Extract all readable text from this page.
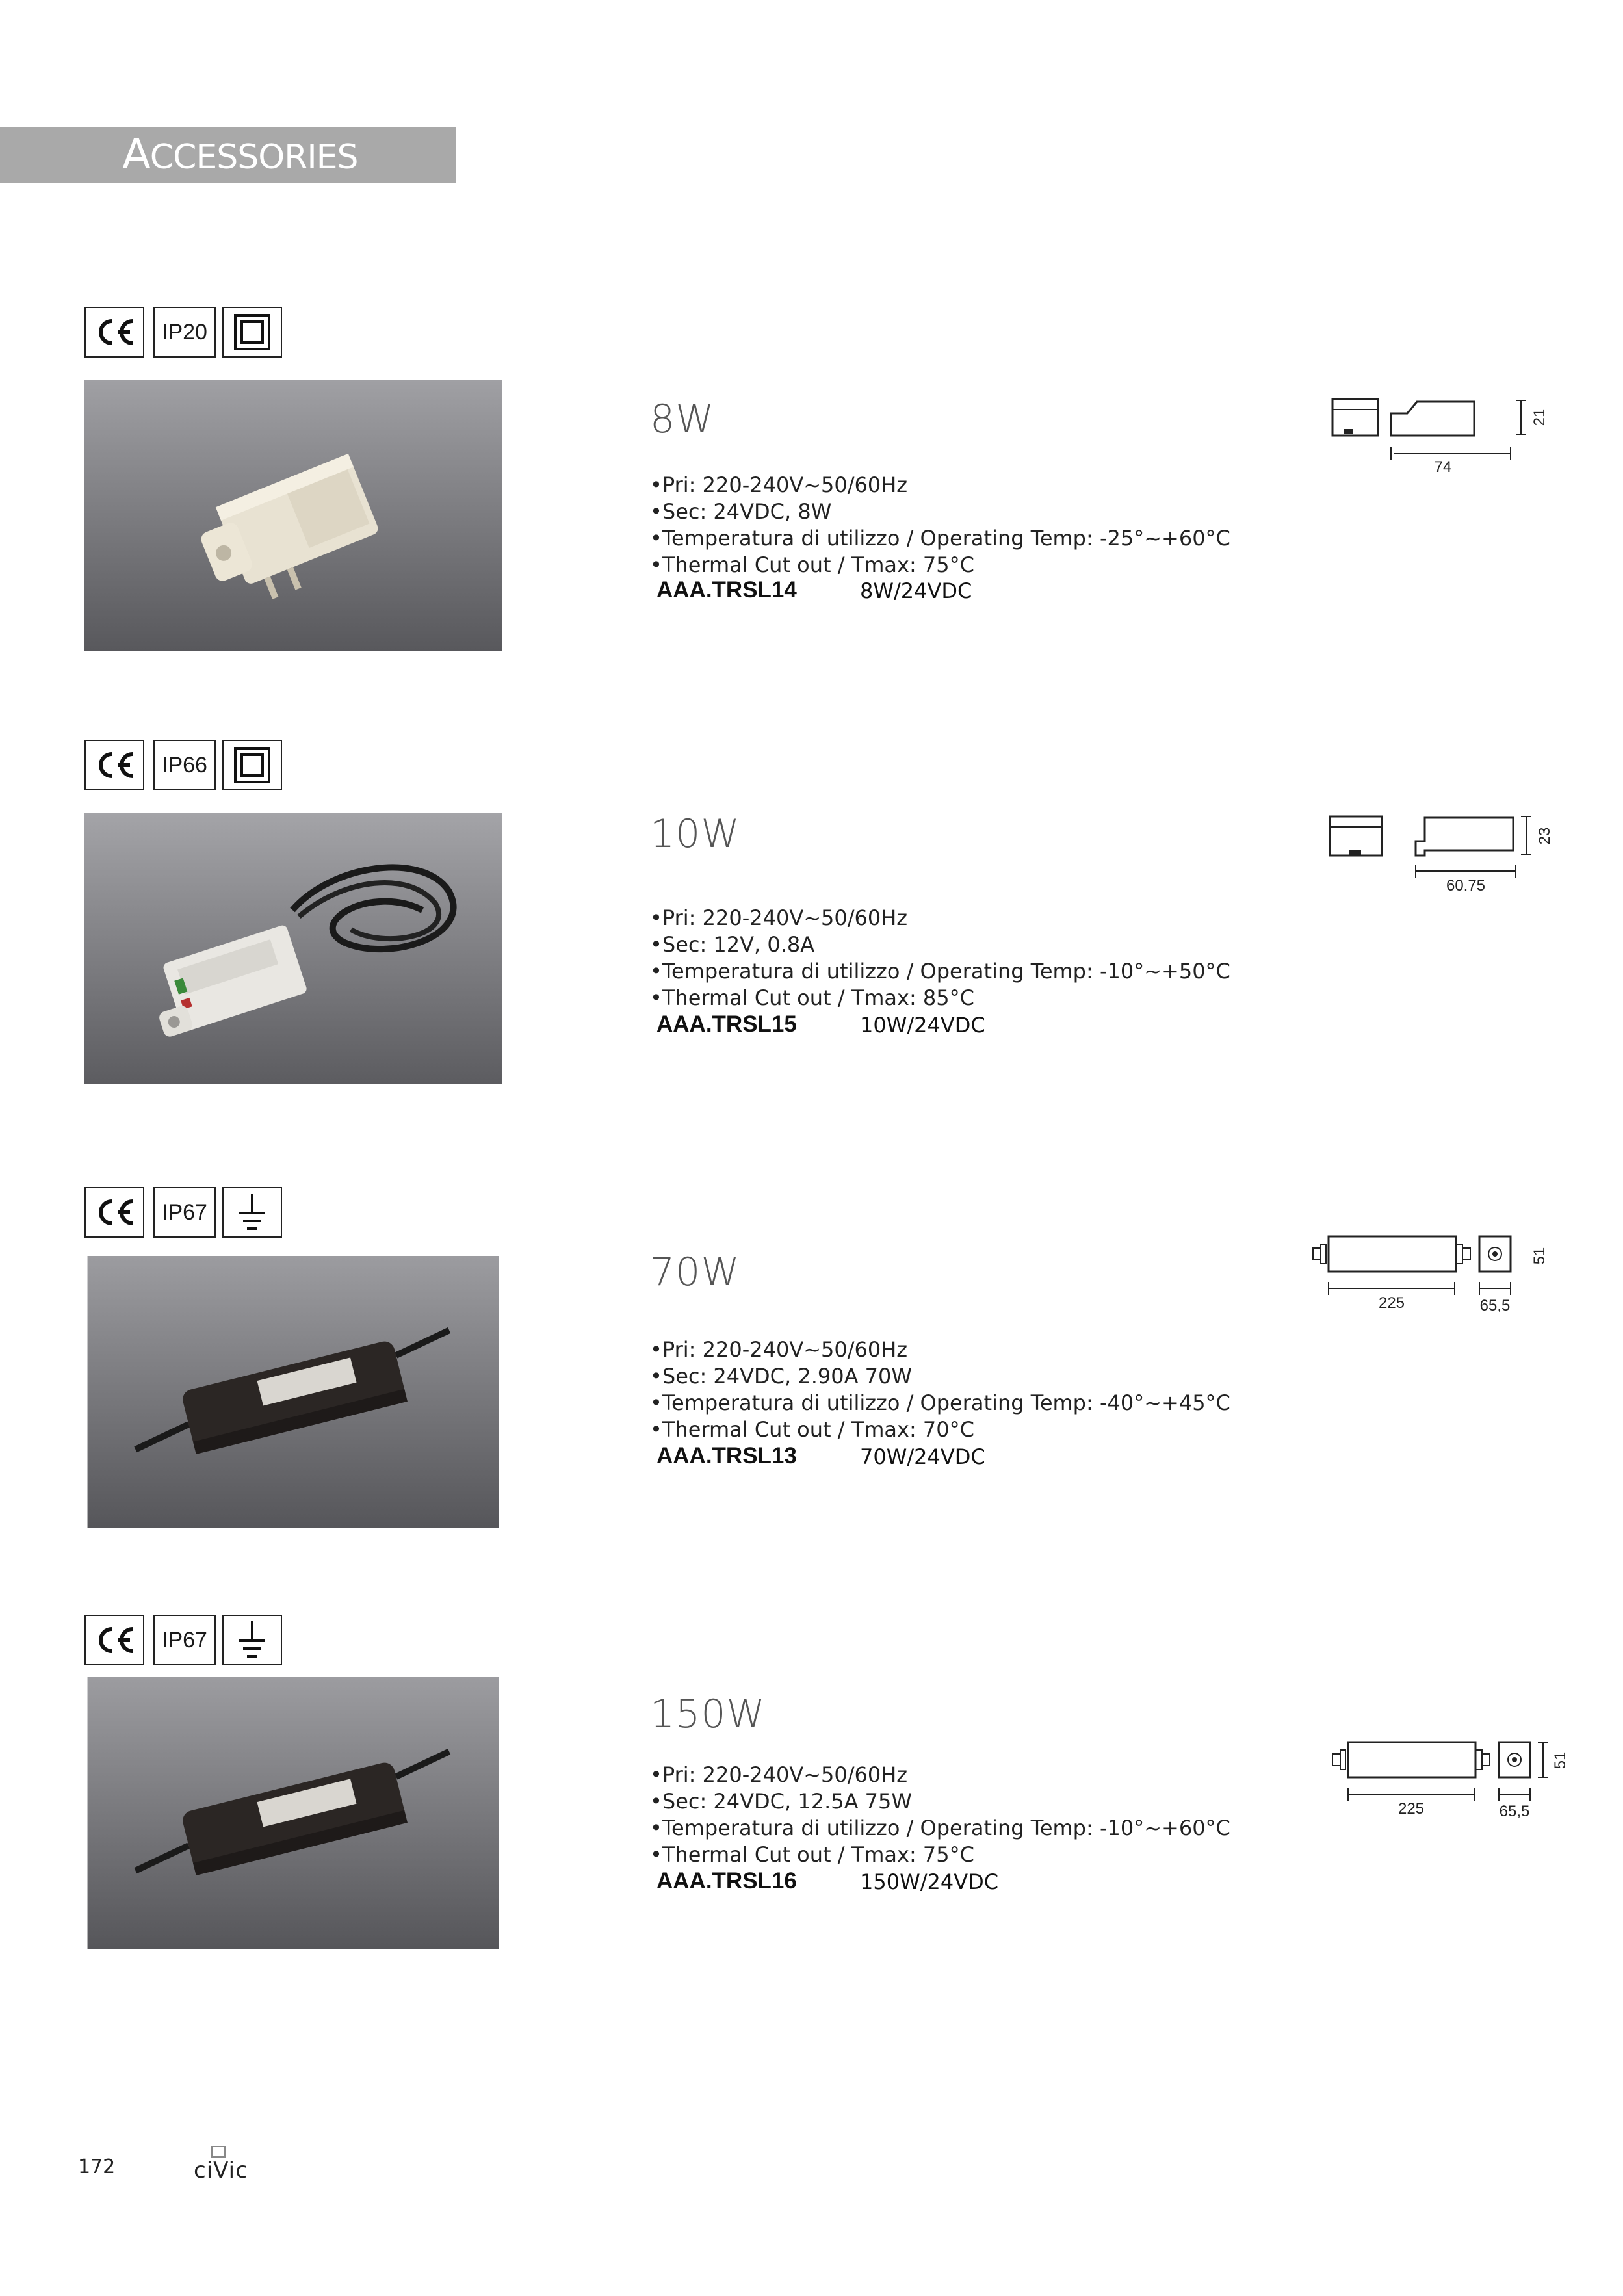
ACCESSORIES
IP20
8W
• Pri: 220-240V~50/60Hz
• Sec: 24VDC, 8W
• Temperatura di utilizzo / Operating Temp: -25°~+60°C
• Thermal Cut out / Tmax: 75°C
AAA.TRSL14	8W/24VDC
74
21
IP66
10W
• Pri: 220-240V~50/60Hz
• Sec: 12V, 0.8A
• Temperatura di utilizzo / Operating Temp: -10°~+50°C
• Thermal Cut out / Tmax: 85°C
AAA.TRSL15	10W/24VDC
60.75
23
IP67
70W
• Pri: 220-240V~50/60Hz
• Sec: 24VDC, 2.90A 70W
• Temperatura di utilizzo / Operating Temp: -40°~+45°C
• Thermal Cut out / Tmax: 70°C
AAA.TRSL13	70W/24VDC
225	65,5
51
IP67
150W
• Pri: 220-240V~50/60Hz
• Sec: 24VDC, 12.5A 75W
• Temperatura di utilizzo / Operating Temp: -10°~+60°C
• Thermal Cut out / Tmax: 75°C
AAA.TRSL16	150W/24VDC
225	65,5
51
172	ciVic
